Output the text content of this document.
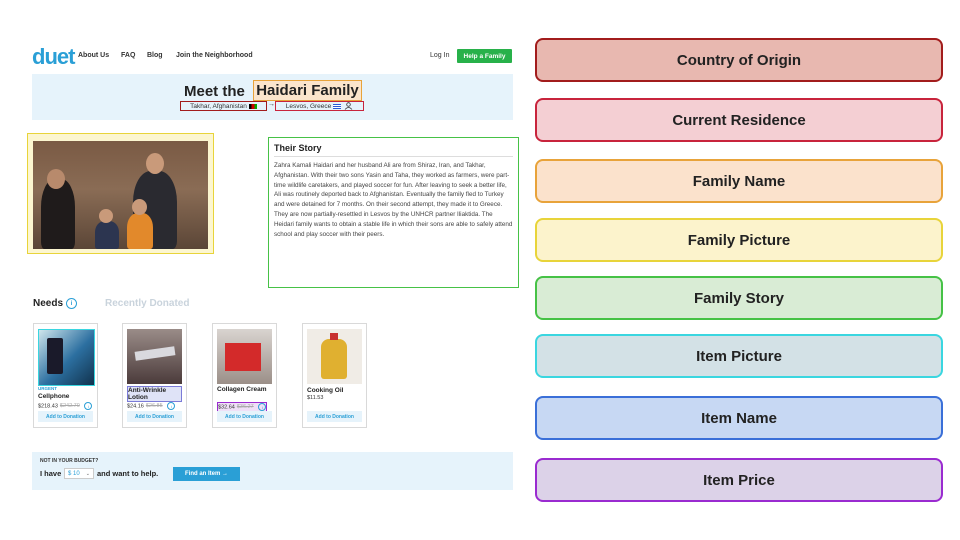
duet About Us FAQ Blog Join the Neighborhood	Log In	Help a Family
Meet the Haidari Family
Takhar, Afghanistan	→ Lesvos, Greece
Their Story
Zahra Kamali Haidari and her husband Ali are from Shiraz, Iran, and Takhar, Afghanistan. With their two sons Yasin and Taha, they worked as farmers, were part-time wildlife caretakers, and played soccer for fun. After leaving to seek a better life, Ali was routinely deported back to Afghanistan. Eventually the family fled to Turkey and were detained for 7 months. On their second attempt, they made it to Greece. They are now partially-resettled in Lesvos by the UNHCR partner Iliaktida. The Heidari family wants to obtain a stable life in which their sons are able to safely attend school and play soccer with their peers.
Needs i	Recently Donated
URGENT
Cellphone
$218.43 $242.70 i
Add to Donation
Anti-Wrinkle Lotion
$24.16 $26.85 i
Add to Donation
Collagen Cream
$32.64 $36.27 i
Add to Donation
Cooking Oil
$11.53
Add to Donation
NOT IN YOUR BUDGET?
I have $ 10 ⌄ and want to help.	Find an Item →
Country of Origin
Current Residence
Family Name
Family Picture
Family Story
Item Picture
Item Name
Item Price
